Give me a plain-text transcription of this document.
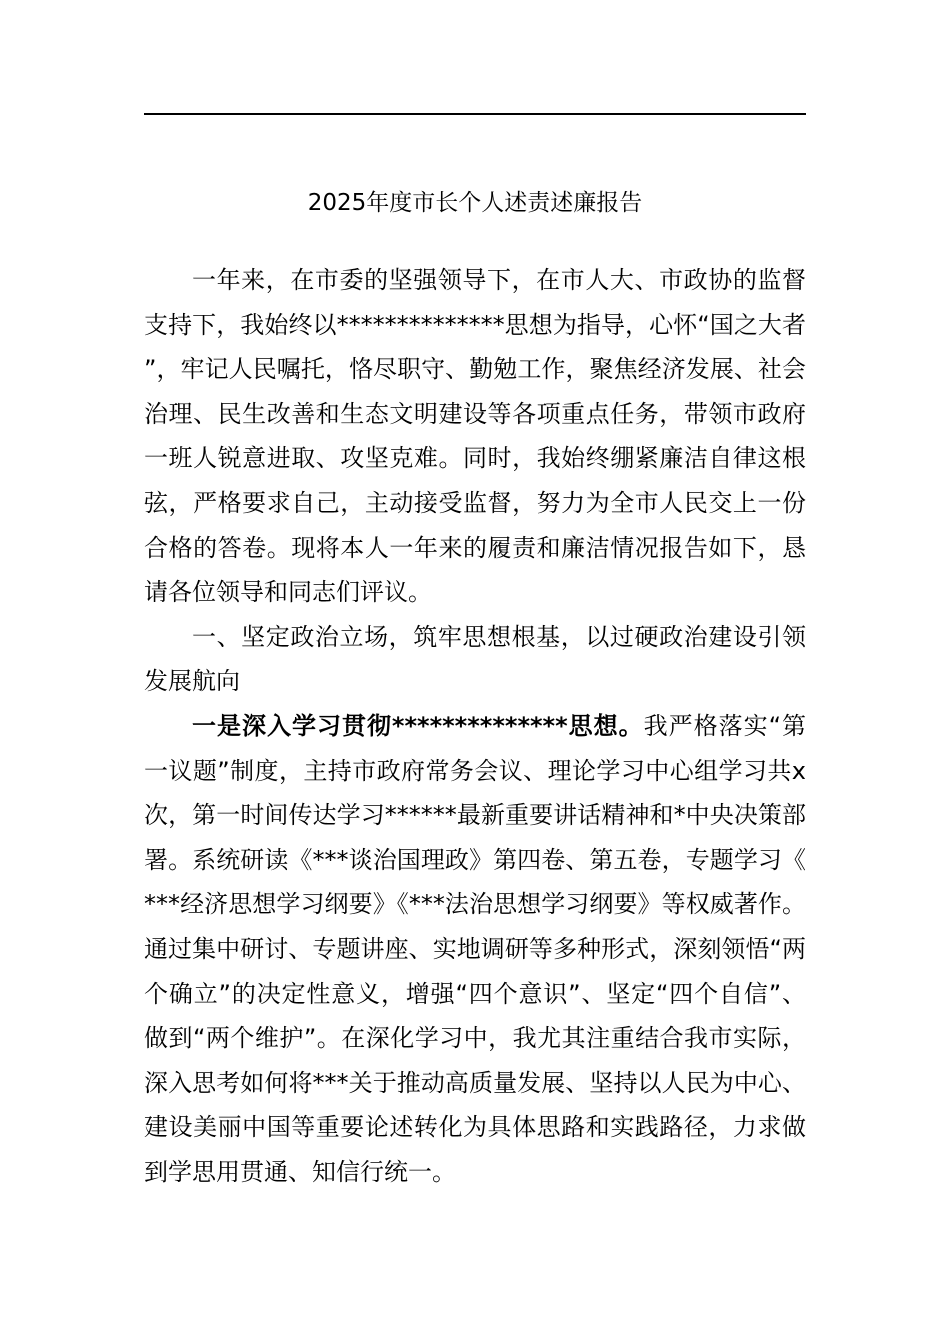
2025年度市长个人述责述廉报告

一年来，在市委的坚强领导下，在市人大、市政协的监督支持下，我始终以**************思想为指导，心怀“国之大者”，牢记人民嘱托，恪尽职守、勤勉工作，聚焦经济发展、社会治理、民生改善和生态文明建设等各项重点任务，带领市政府一班人锐意进取、攻坚克难。同时，我始终绷紧廉洁自律这根弦，严格要求自己，主动接受监督，努力为全市人民交上一份合格的答卷。现将本人一年来的履责和廉洁情况报告如下，恳请各位领导和同志们评议。

一、坚定政治立场，筑牢思想根基，以过硬政治建设引领发展航向

一是深入学习贯彻**************思想。我严格落实“第一议题”制度，主持市政府常务会议、理论学习中心组学习共x次，第一时间传达学习******最新重要讲话精神和*中央决策部署。系统研读《***谈治国理政》第四卷、第五卷，专题学习《***经济思想学习纲要》《***法治思想学习纲要》等权威著作。通过集中研讨、专题讲座、实地调研等多种形式，深刻领悟“两个确立”的决定性意义，增强“四个意识”、坚定“四个自信”、做到“两个维护”。在深化学习中，我尤其注重结合我市实际，深入思考如何将***关于推动高质量发展、坚持以人民为中心、建设美丽中国等重要论述转化为具体思路和实践路径，力求做到学思用贯通、知信行统一。
